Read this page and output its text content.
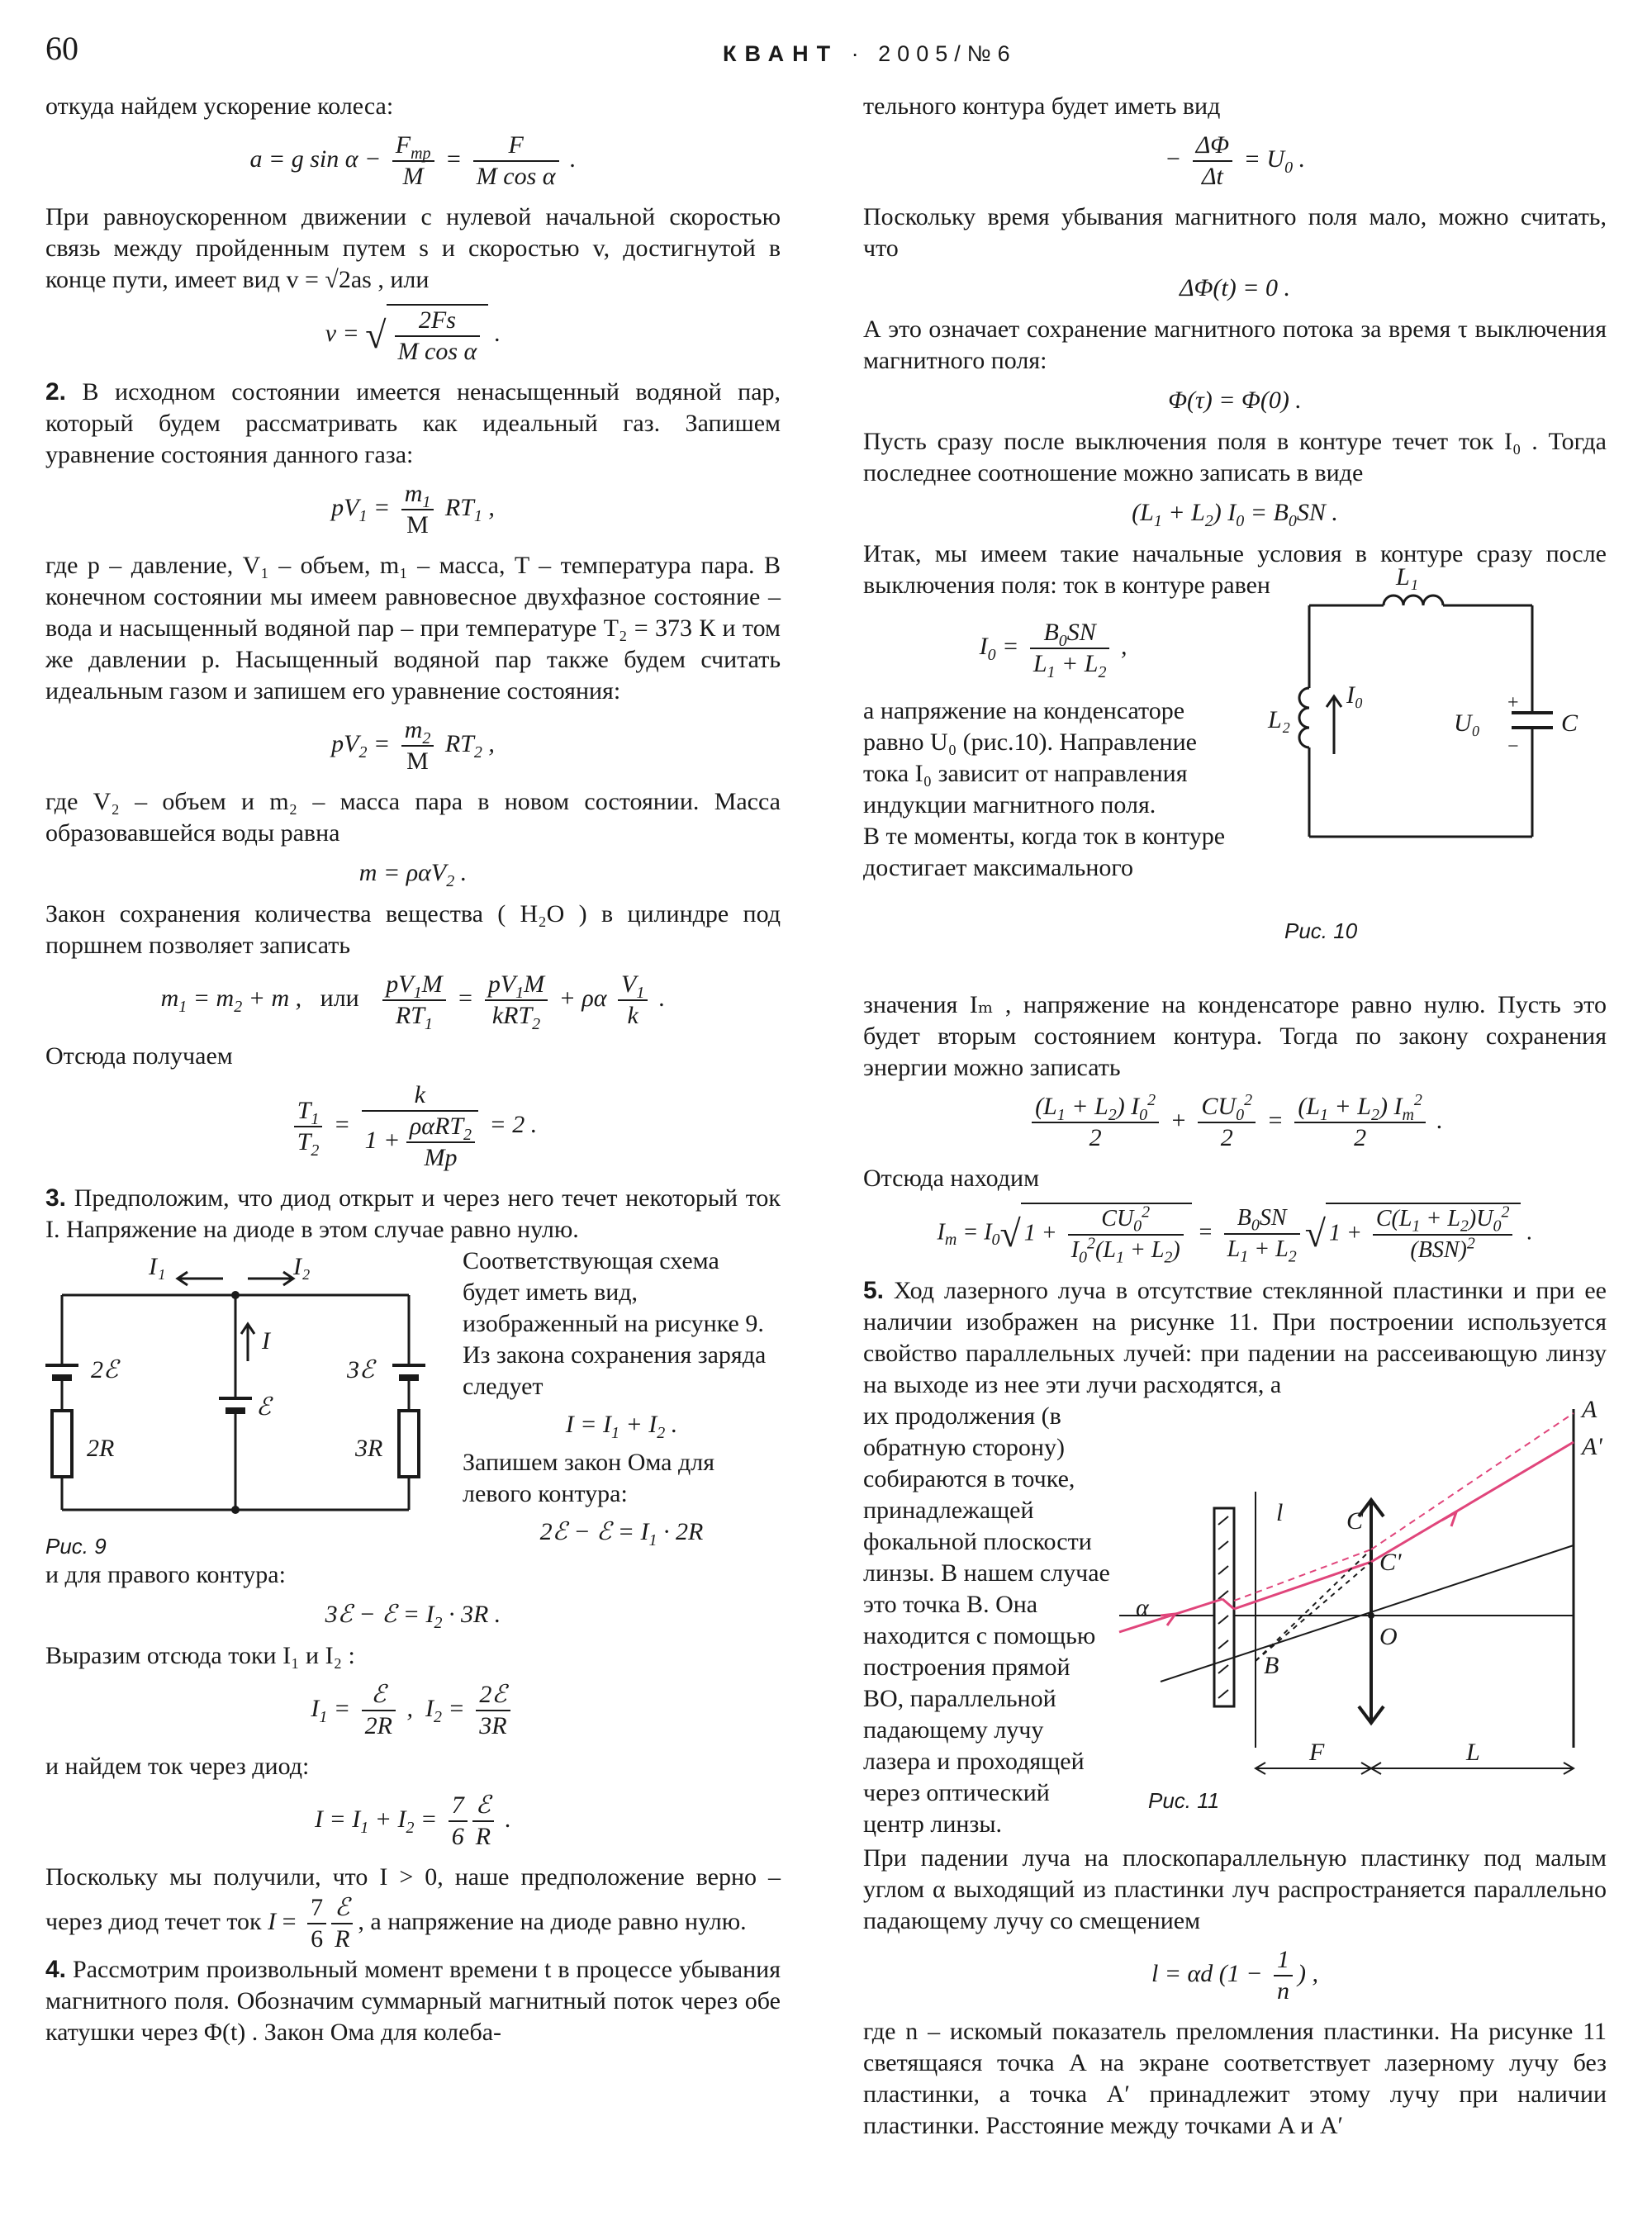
60	КВАНТ · 2005/№6

откуда найдем ускорение колеса:

a = g $\sin \alpha - \frac{F_{тр}}{M} = \frac{F}{\text{M cos α}}$ .

При равноускоренном движении с нулевой начальной скоростью связь между пройденным путем s и скоростью v, достигнутой в конце пути, имеет вид v = √2as , или

v = √ $\frac{2Fs}{\text{M cos α}}$ .

2. В исходном состоянии имеется ненасыщенный водяной пар, который будем рассматривать как идеальный газ. Запишем уравнение состояния данного газа:

$pV_1 = \frac{m_1}{M} RT_1$ ,

где p – давление, V₁ – объем, m₁ – масса, T – температура пара. В конечном состоянии мы имеем равновесное двухфазное состояние – вода и насыщенный водяной пар – при температуре T₂ = 373 К и том же давлении p. Насыщенный водяной пар также будем считать идеальным газом и запишем его уравнение состояния:

$pV_2 = \frac{m_2}{M} RT_2$ ,

где V₂ – объем и m₂ – масса пара в новом состоянии. Масса образовавшейся воды равна

m = ραV$_2$ .

Закон сохранения количества вещества ( H₂O ) в цилиндре под поршнем позволяет записать

$m_1 = m_2 + m$ ,   или $\frac{pV_1M}{RT_1} = \frac{pV_1M}{kRT_2} + \rho\alpha \frac{V_1}{k}$ .

Отсюда получаем

$\frac{T_1}{T_2} = \frac{k}{1 + \frac{\rho\alpha RT_2}{Mp}} = 2$ .

3. Предположим, что диод открыт и через него течет некоторый ток I. Напряжение на диоде в этом случае равно нулю.

I₁	I₂
I
2ℰ	3ℰ
ℰ
2R	3R
Рис. 9

Соответствующая схема будет иметь вид, изображенный на рисунке 9. Из закона сохранения заряда следует

$I = I_1 + I_2$ .

Запишем закон Ома для левого контура:

2ℰ − ℰ = $I_1 \cdot 2R$

и для правого контура:

3ℰ − ℰ = $I_2 \cdot 3R$ .

Выразим отсюда токи I₁ и I₂ :

$I_1 = \frac{\text{ℰ}}{2R}$ ,  $I_2 = \frac{\text{2ℰ}}{3R}$

и найдем ток через диод:

$I = I_1 + I_2 = \frac{7}{6} \frac{\text{ℰ}}{R}$ .

Поскольку мы получили, что I > 0, наше предположение верно – через диод течет ток $I = \frac{7}{6} \frac{\text{ℰ}}{R}$ , а напряжение на диоде равно нулю.

4. Рассмотрим произвольный момент времени t в процессе убывания магнитного поля. Обозначим суммарный магнитный поток через обе катушки через Φ(t) . Закон Ома для колеба-

тельного контура будет иметь вид

− $\frac{\Delta\Phi}{\Delta t} = U_0$ .

Поскольку время убывания магнитного поля мало, можно считать, что

ΔΦ(t) = 0 .

А это означает сохранение магнитного потока за время τ выключения магнитного поля:

Φ(τ) = Φ(0) .

Пусть сразу после выключения поля в контуре течет ток I₀ . Тогда последнее соотношение можно записать в виде

$(L_1 + L_2) I_0 = B_0SN$ .

Итак, мы имеем такие начальные условия в контуре сразу после выключения поля: ток в контуре равен

$I_0 = \frac{B_0SN}{L_1 + L_2}$ ,

а напряжение на конденсаторе равно U₀ (рис.10). Направление тока I₀ зависит от направления индукции магнитного поля.

В те моменты, когда ток в контуре достигает максимального

L₁
L₂
I₀
U₀	C
+
−
Рис. 10

значения Iₘ , напряжение на конденсаторе равно нулю. Пусть это будет вторым состоянием контура. Тогда по закону сохранения энергии можно записать

$\frac{(L_1 + L_2) I_0^2}{2} + \frac{CU_0^2}{2} = \frac{(L_1 + L_2) I_m^2}{2}$ .

Отсюда находим

$I_m = I_0√$ $1 + \frac{CU_0^2}{I_0^2(L_1 + L_2)} = \frac{B_0SN}{L_1 + L_2}$ √ $1 + \frac{C(L_1 + L_2)U_0^2}{(BSN)^2}$ .

5. Ход лазерного луча в отсутствие стеклянной пластинки и при ее наличии изображен на рисунке 11. При построении используется свойство параллельных лучей: при падении на рассеивающую линзу на выходе из нее эти лучи расходятся, а

их продолжения (в обратную сторону) собираются в точке, принадлежащей фокальной плоскости линзы. В нашем случае это точка B. Она находится с помощью построения прямой BO, параллельной падающему лучу лазера и проходящей через оптический центр линзы.

A
A'
C
C'
O
B
l
α
F	L
Рис. 11

При падении луча на плоскопараллельную пластинку под малым углом α выходящий из пластинки луч распространяется параллельно падающему лучу со смещением

l = αd ($1 - \frac{1}{n}$ ) ,

где n – искомый показатель преломления пластинки. На рисунке 11 светящаяся точка A на экране соответствует лазерному лучу без пластинки, а точка A′ принадлежит этому лучу при наличии пластинки. Расстояние между точками A и A′
